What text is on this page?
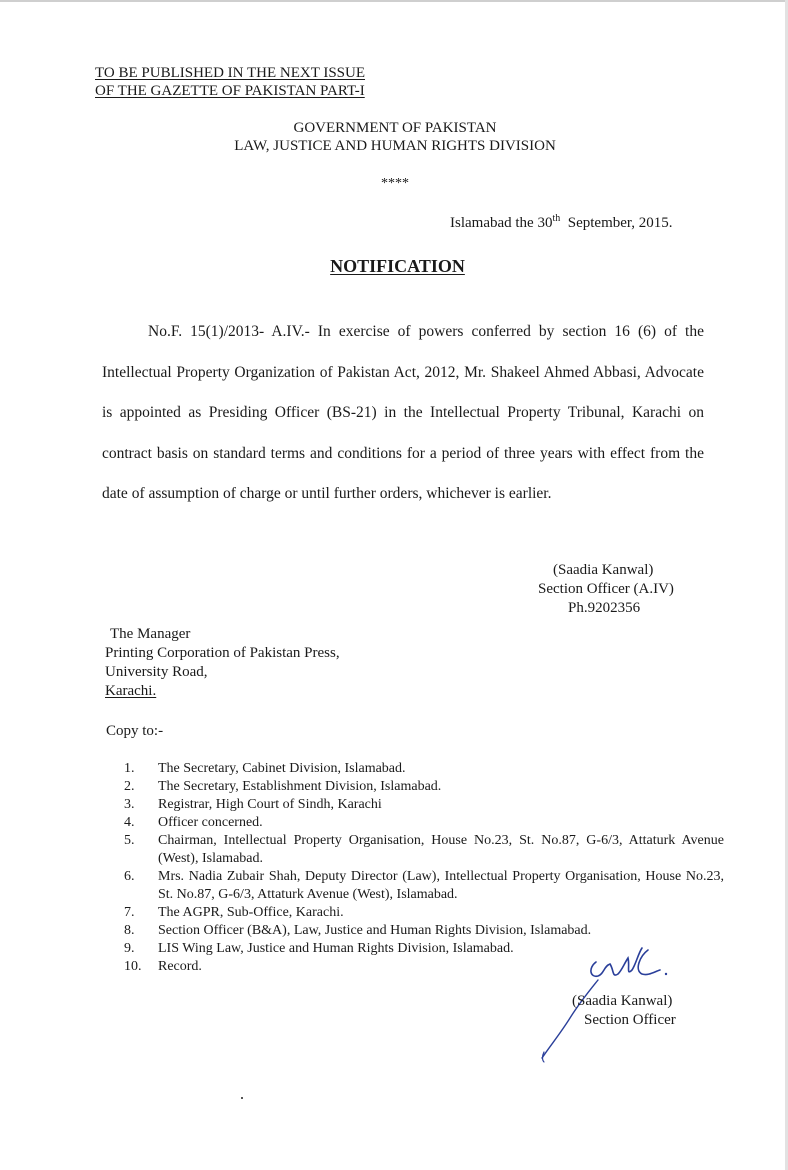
TO BE PUBLISHED IN THE NEXT ISSUE
OF THE GAZETTE OF PAKISTAN PART-I
GOVERNMENT OF PAKISTAN
LAW, JUSTICE AND HUMAN RIGHTS DIVISION
****
Islamabad the 30th  September, 2015.
NOTIFICATION
No.F. 15(1)/2013- A.IV.- In exercise of powers conferred by section 16 (6) of the Intellectual Property Organization of Pakistan Act, 2012, Mr. Shakeel Ahmed Abbasi, Advocate is appointed as Presiding Officer (BS-21) in the Intellectual Property Tribunal, Karachi on contract basis on standard terms and conditions for a period of three years with effect from the date of assumption of charge or until further orders, whichever is earlier.
(Saadia Kanwal)
Section Officer (A.IV)
Ph.9202356
The Manager
Printing Corporation of Pakistan Press,
University Road,
Karachi.
Copy to:-
1.	The Secretary, Cabinet Division, Islamabad.
2.	The Secretary, Establishment Division, Islamabad.
3.	Registrar, High Court of Sindh, Karachi
4.	Officer concerned.
5.	Chairman, Intellectual Property Organisation, House No.23, St. No.87, G-6/3, Attaturk Avenue (West), Islamabad.
6.	Mrs. Nadia Zubair Shah, Deputy Director (Law), Intellectual Property Organisation, House No.23, St. No.87, G-6/3, Attaturk Avenue (West), Islamabad.
7.	The AGPR, Sub-Office, Karachi.
8.	Section Officer (B&A), Law, Justice and Human Rights Division, Islamabad.
9.	LIS Wing Law, Justice and Human Rights Division, Islamabad.
10.	Record.
(Saadia Kanwal)
Section Officer
